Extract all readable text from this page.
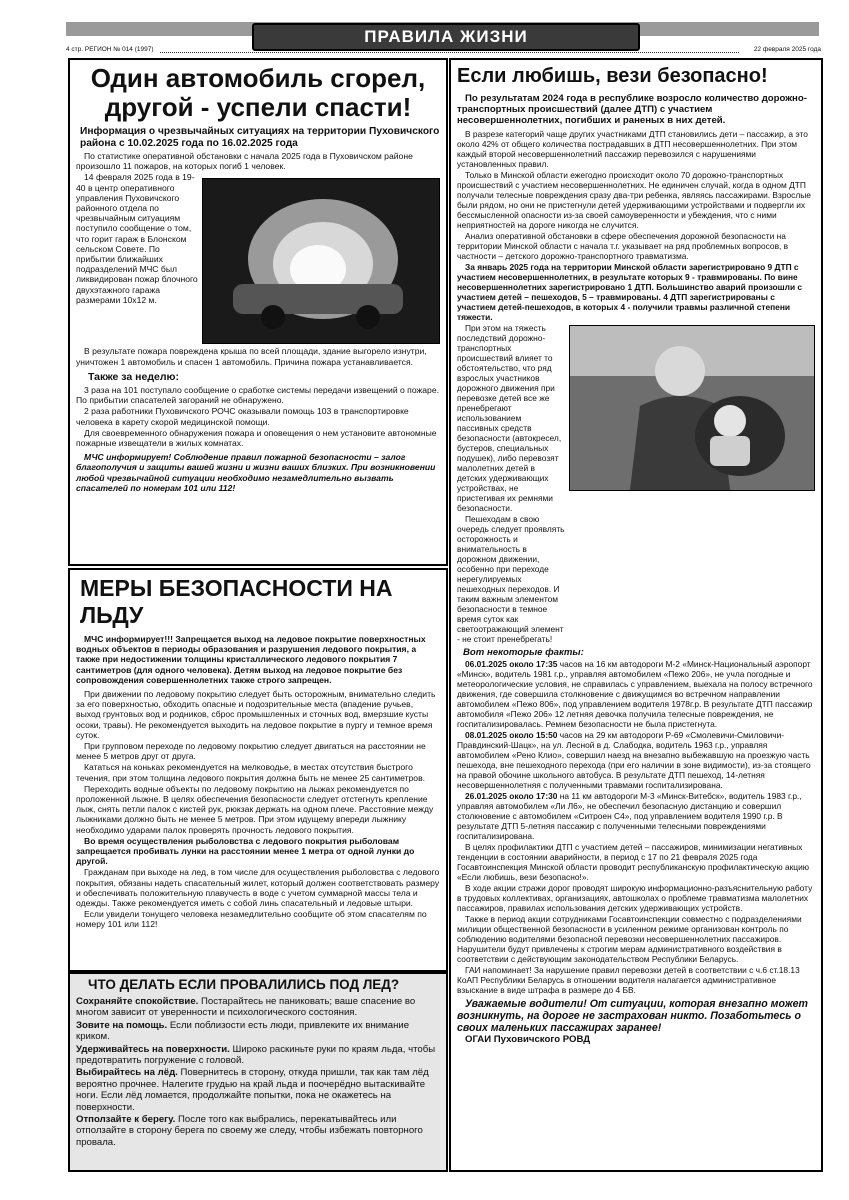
ПРАВИЛА ЖИЗНИ
4 стр. РЕГИОН № 014 (1997)	22 февраля 2025 года
Один автомобиль сгорел, другой - успели спасти!
Информация о чрезвычайных ситуациях на территории Пуховичского района с 10.02.2025 года по 16.02.2025 года

По статистике оперативной обстановки с начала 2025 года в Пуховичском районе произошло 11 пожаров, на которых погиб 1 человек.

14 февраля 2025 года в 19-40 в центр оперативного управления Пуховичского районного отдела по чрезвычайным ситуациям поступило сообщение о том, что горит гараж в Блонском сельском Совете. По прибытии ближайших подразделений МЧС был ликвидирован пожар блочного двухэтажного гаража размерами 10х12 м.

В результате пожара повреждена крыша по всей площади, здание выгорело изнутри, уничтожен 1 автомобиль и спасен 1 автомобиль. Причина пожара устанавливается.

Также за неделю:

3 раза на 101 поступало сообщение о сработке системы передачи извещений о пожаре. По прибытии спасателей загораний не обнаружено.

2 раза работники Пуховичского РОЧС оказывали помощь 103 в транспортировке человека в карету скорой медицинской помощи.

Для своевременного обнаружения пожара и оповещения о нем установите автономные пожарные извещатели в жилых комнатах.

МЧС информирует! Соблюдение правил пожарной безопасности – залог благополучия и защиты вашей жизни и жизни ваших близких. При возникновении любой чрезвычайной ситуации необходимо незамедлительно вызвать спасателей по номерам 101 или 112!

МЕРЫ БЕЗОПАСНОСТИ НА ЛЬДУ

МЧС информирует!!! Запрещается выход на ледовое покрытие поверхностных водных объектов в периоды образования и разрушения ледового покрытия, а также при недостижении толщины кристаллического ледового покрытия 7 сантиметров (для одного человека). Детям выход на ледовое покрытие без сопровождения совершеннолетних также строго запрещен.

При движении по ледовому покрытию следует быть осторожным, внимательно следить за его поверхностью, обходить опасные и подозрительные места (впадение ручьев, выход грунтовых вод и родников, сброс промышленных и сточных вод, вмерзшие кусты осоки, травы). Не рекомендуется выходить на ледовое покрытие в пургу и темное время суток.

При групповом переходе по ледовому покрытию следует двигаться на расстоянии не менее 5 метров друг от друга.

Кататься на коньках рекомендуется на мелководье, в местах отсутствия быстрого течения, при этом толщина ледового покрытия должна быть не менее 25 сантиметров.

Переходить водные объекты по ледовому покрытию на лыжах рекомендуется по проложенной лыжне. В целях обеспечения безопасности следует отстегнуть крепление лыж, снять петли палок с кистей рук, рюкзак держать на одном плече. Расстояние между лыжниками должно быть не менее 5 метров. При этом идущему впереди лыжнику необходимо ударами палок проверять прочность ледового покрытия.

Во время осуществления рыболовства с ледового покрытия рыболовам запрещается пробивать лунки на расстоянии менее 1 метра от одной лунки до другой.

Гражданам при выходе на лед, в том числе для осуществления рыболовства с ледового покрытия, обязаны надеть спасательный жилет, который должен соответствовать размеру и обеспечивать положительную плавучесть в воде с учетом суммарной массы тела и одежды. Также рекомендуется иметь с собой линь спасательный и ледовые штыри.

Если увидели тонущего человека незамедлительно сообщите об этом спасателям по номеру 101 или 112!

ЧТО ДЕЛАТЬ ЕСЛИ ПРОВАЛИЛИСЬ ПОД ЛЕД?
Сохраняйте спокойствие. Постарайтесь не паниковать; ваше спасение во многом зависит от уверенности и психологического состояния.
Зовите на помощь. Если поблизости есть люди, привлеките их внимание криком.
Удерживайтесь на поверхности. Широко раскиньте руки по краям льда, чтобы предотвратить погружение с головой.
Выбирайтесь на лёд. Повернитесь в сторону, откуда пришли, так как там лёд вероятно прочнее. Налегите грудью на край льда и поочерёдно вытаскивайте ноги. Если лёд ломается, продолжайте попытки, пока не окажетесь на поверхности.
Отползайте к берегу. После того как выбрались, перекатывайтесь или отползайте в сторону берега по своему же следу, чтобы избежать повторного провала.
Если любишь, вези безопасно!

По результатам 2024 года в республике возросло количество дорожно-транспортных происшествий (далее ДТП) с участием несовершеннолетних, погибших и раненых в них детей.

В разрезе категорий чаще других участниками ДТП становились дети – пассажир, а это около 42% от общего количества пострадавших в ДТП несовершеннолетних. При этом каждый второй несовершеннолетний пассажир перевозился с нарушениями установленных правил.

Только в Минской области ежегодно происходит около 70 дорожно-транспортных происшествий с участием несовершеннолетних. Не единичен случай, когда в одном ДТП получали телесные повреждения сразу два-три ребенка, являясь пассажирами. Взрослые были рядом, но они не пристегнули детей удерживающими устройствами и подвергли их бессмысленной опасности из-за своей самоуверенности и убеждения, что с ними неприятностей на дороге никогда не случится.

Анализ оперативной обстановки в сфере обеспечения дорожной безопасности на территории Минской области с начала т.г. указывает на ряд проблемных вопросов, в частности – детского дорожно-транспортного травматизма.

За январь 2025 года на территории Минской области зарегистрировано 9 ДТП с участием несовершеннолетних, в результате которых 9 - травмированы. По вине несовершеннолетних зарегистрировано 1 ДТП. Большинство аварий произошли с участием детей – пешеходов, 5 – травмированы. 4 ДТП зарегистрированы с участием детей-пешеходов, в которых 4 - получили травмы различной степени тяжести.

При этом на тяжесть последствий дорожно-транспортных происшествий влияет то обстоятельство, что ряд взрослых участников дорожного движения при перевозке детей все же пренебрегают использованием пассивных средств безопасности (автокресел, бустеров, специальных подушек), либо перевозят малолетних детей в детских удерживающих устройствах, не пристегивая их ремнями безопасности.

Пешеходам в свою очередь следует проявлять осторожность и внимательность в дорожном движении, особенно при переходе нерегулируемых пешеходных переходов. И таким важным элементом безопасности в темное время суток как светоотражающий элемент - не стоит пренебрегать!

Вот некоторые факты:

06.01.2025 около 17:35 часов на 16 км автодороги М-2 «Минск-Национальный аэропорт «Минск», водитель 1981 г.р., управляя автомобилем «Пежо 206», не учла погодные и метеорологические условия, не справилась с управлением, выехала на полосу встречного движения, где совершила столкновение с движущимся во встречном направлении автомобилем «Пежо 806», под управлением водителя 1978г.р. В результате ДТП пассажир автомобиля «Пежо 206» 12 летняя девочка получила телесные повреждения, не госпитализировалась. Ремнем безопасности не была пристегнута.

08.01.2025 около 15:50 часов на 29 км автодороги Р-69 «Смолевичи-Смиловичи-Правдинский-Шацк», на ул. Лесной в д. Слабодка, водитель 1963 г.р., управляя автомобилем «Рено Клио», совершил наезд на внезапно выбежавшую на проезжую часть пешехода, вне пешеходного перехода (при его наличии в зоне видимости), из-за стоящего на правой обочине школьного автобуса. В результате ДТП пешеход, 14-летняя несовершеннолетняя с полученными травмами госпитализирована.

26.01.2025 около 17:30 на 11 км автодороги М-3 «Минск-Витебск», водитель 1983 г.р., управляя автомобилем «Ли Л6», не обеспечил безопасную дистанцию и совершил столкновение с автомобилем «Ситроен С4», под управлением водителя 1990 г.р. В результате ДТП 5-летняя пассажир с полученными телесными повреждениями госпитализирована.

В целях профилактики ДТП с участием детей – пассажиров, минимизации негативных тенденции в состоянии аварийности, в период с 17 по 21 февраля 2025 года Госавтоинспекция Минской области проводит республиканскую профилактическую акцию «Если любишь, вези безопасно!».

В ходе акции стражи дорог проводят широкую информационно-разъяснительную работу в трудовых коллективах, организациях, автошколах о проблеме травматизма малолетних пассажиров, правилах использования детских удерживающих устройств.

Также в период акции сотрудниками Госавтоинспекции совместно с подразделениями милиции общественной безопасности в усиленном режиме организован контроль по соблюдению водителями безопасной перевозки несовершеннолетних пассажиров. Нарушители будут привлечены к строгим мерам административного воздействия в соответствии с действующим законодательством Республики Беларусь.

ГАИ напоминает! За нарушение правил перевозки детей в соответствии с ч.6 ст.18.13 КоАП Республики Беларусь в отношении водителя налагается административное взыскание в виде штрафа в размере до 4 БВ.

Уважаемые водители! От ситуации, которая внезапно может возникнуть, на дороге не застрахован никто. Позаботьтесь о своих маленьких пассажирах заранее!

ОГАИ Пуховичского РОВД
